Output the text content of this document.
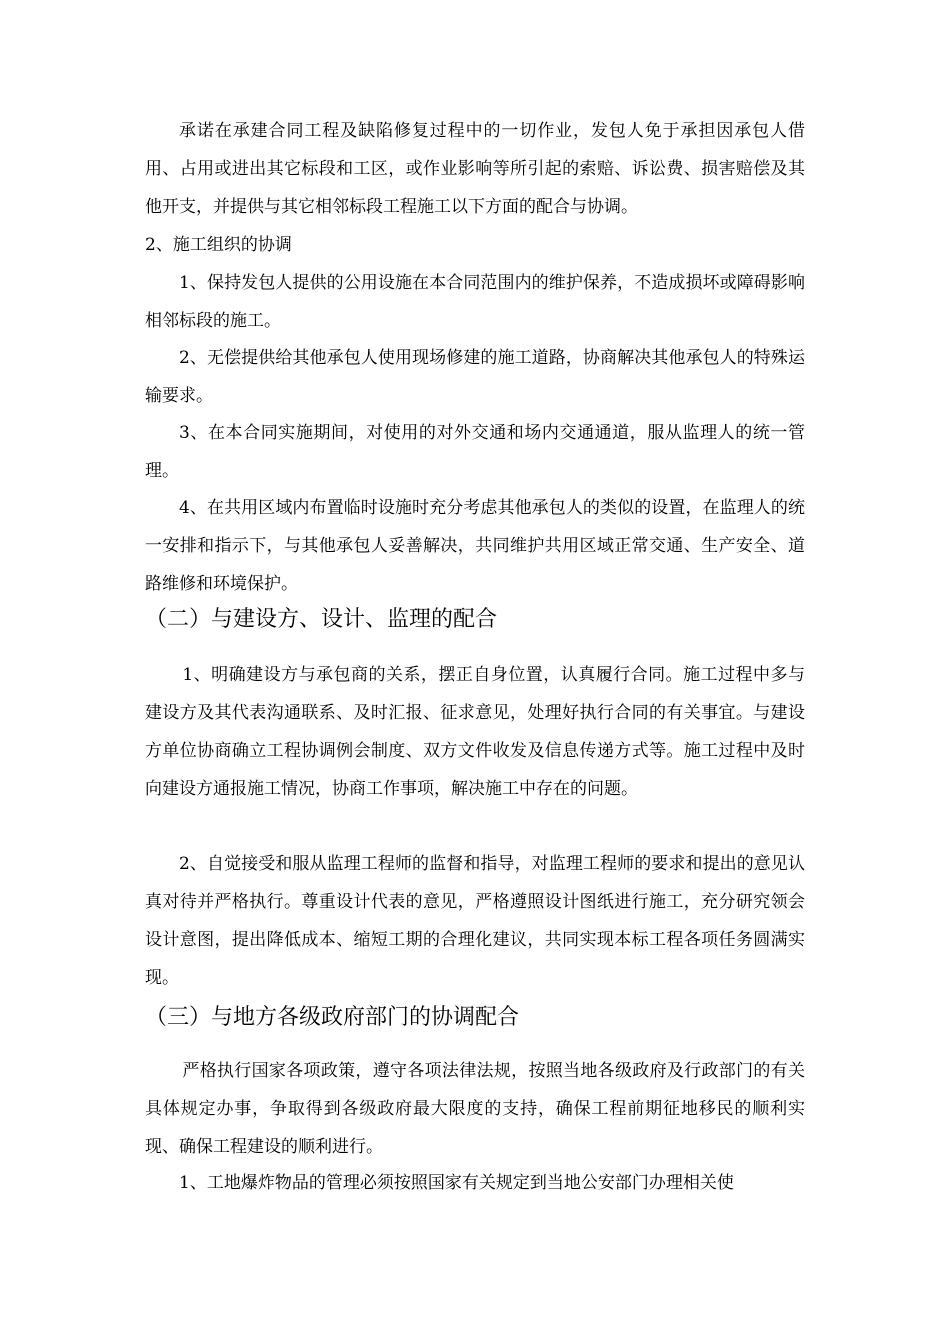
承诺在承建合同工程及缺陷修复过程中的一切作业，发包人免于承担因承包人借用、占用或进出其它标段和工区，或作业影响等所引起的索赔、诉讼费、损害赔偿及其他开支，并提供与其它相邻标段工程施工以下方面的配合与协调。

2、施工组织的协调

1、保持发包人提供的公用设施在本合同范围内的维护保养，不造成损坏或障碍影响相邻标段的施工。

2、无偿提供给其他承包人使用现场修建的施工道路，协商解决其他承包人的特殊运输要求。

3、在本合同实施期间，对使用的对外交通和场内交通通道，服从监理人的统一管理。

4、在共用区域内布置临时设施时充分考虑其他承包人的类似的设置，在监理人的统一安排和指示下，与其他承包人妥善解决，共同维护共用区域正常交通、生产安全、道路维修和环境保护。

（二）与建设方、设计、监理的配合

1、明确建设方与承包商的关系，摆正自身位置，认真履行合同。施工过程中多与建设方及其代表沟通联系、及时汇报、征求意见，处理好执行合同的有关事宜。与建设方单位协商确立工程协调例会制度、双方文件收发及信息传递方式等。施工过程中及时向建设方通报施工情况，协商工作事项，解决施工中存在的问题。

2、自觉接受和服从监理工程师的监督和指导，对监理工程师的要求和提出的意见认真对待并严格执行。尊重设计代表的意见，严格遵照设计图纸进行施工，充分研究领会设计意图，提出降低成本、缩短工期的合理化建议，共同实现本标工程各项任务圆满实现。

（三）与地方各级政府部门的协调配合

严格执行国家各项政策，遵守各项法律法规，按照当地各级政府及行政部门的有关具体规定办事，争取得到各级政府最大限度的支持，确保工程前期征地移民的顺利实现、确保工程建设的顺利进行。

1、工地爆炸物品的管理必须按照国家有关规定到当地公安部门办理相关使
